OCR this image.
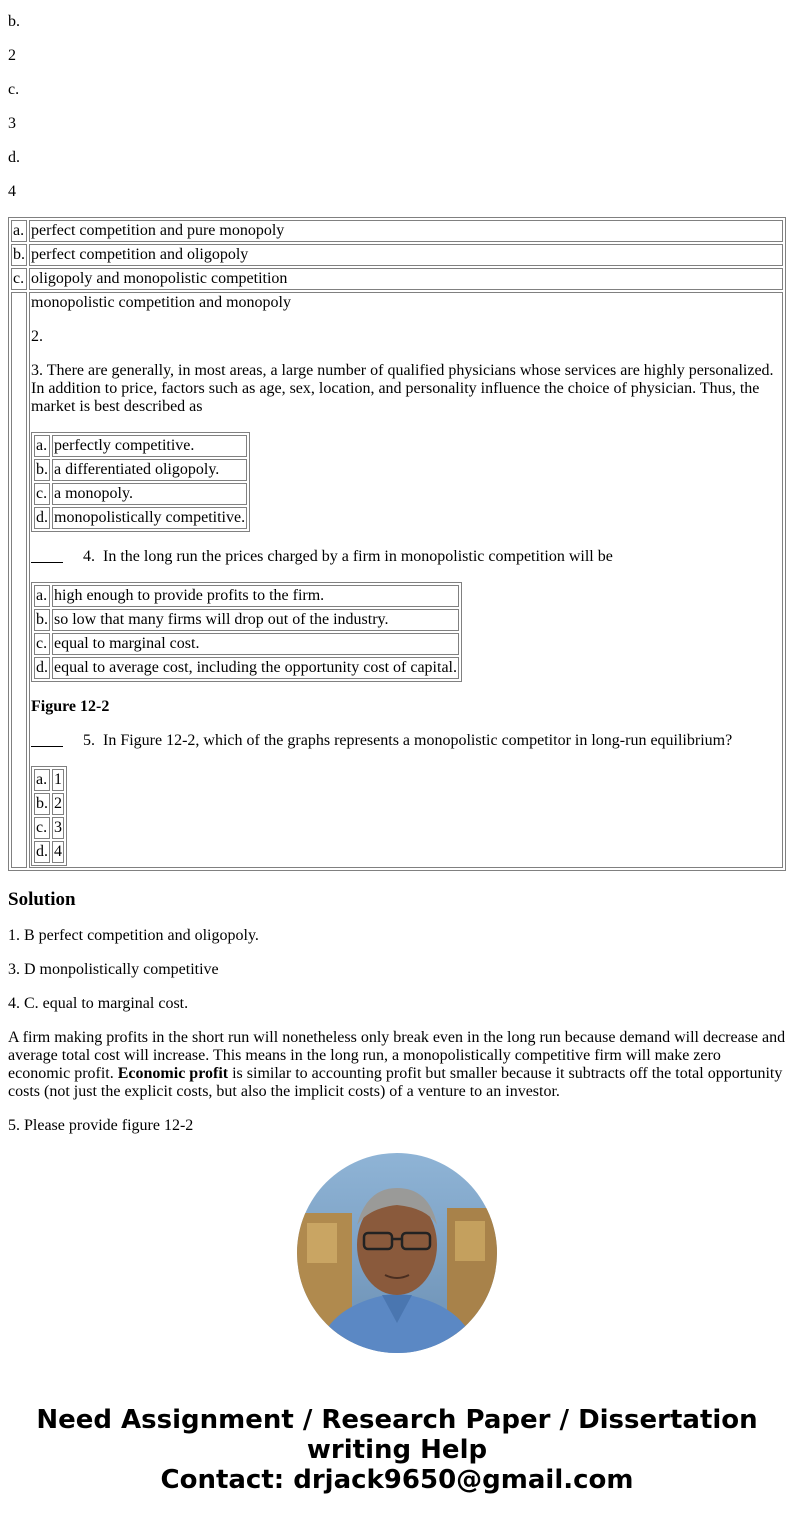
b.

2

c.

3

d.

4

a.	perfect competition and pure monopoly
b.	perfect competition and oligopoly
c.	oligopoly and monopolistic competition

monopolistic competition and monopoly

2.

3. There are generally, in most areas, a large number of qualified physicians whose services are highly personalized. In addition to price, factors such as age, sex, location, and personality influence the choice of physician. Thus, the market is best described as

a.	perfectly competitive.
b.	a differentiated oligopoly.
c.	a monopoly.
d.	monopolistically competitive.
4. In the long run the prices charged by a firm in monopolistic competition will be
a.	high enough to provide profits to the firm.
b.	so low that many firms will drop out of the industry.
c.	equal to marginal cost.
d.	equal to average cost, including the opportunity cost of capital.

Figure 12-2

5. In Figure 12-2, which of the graphs represents a monopolistic competitor in long-run equilibrium?
a.	1
b.	2
c.	3
d.	4
Solution

1. B perfect competition and oligopoly.

3. D monpolistically competitive

4. C. equal to marginal cost.

A firm making profits in the short run will nonetheless only break even in the long run because demand will decrease and average total cost will increase. This means in the long run, a monopolistically competitive firm will make zero economic profit. Economic profit is similar to accounting profit but smaller because it subtracts off the total opportunity costs (not just the explicit costs, but also the implicit costs) of a venture to an investor.

5. Please provide figure 12-2

Need Assignment / Research Paper / Dissertation
writing Help
Contact: drjack9650@gmail.com
